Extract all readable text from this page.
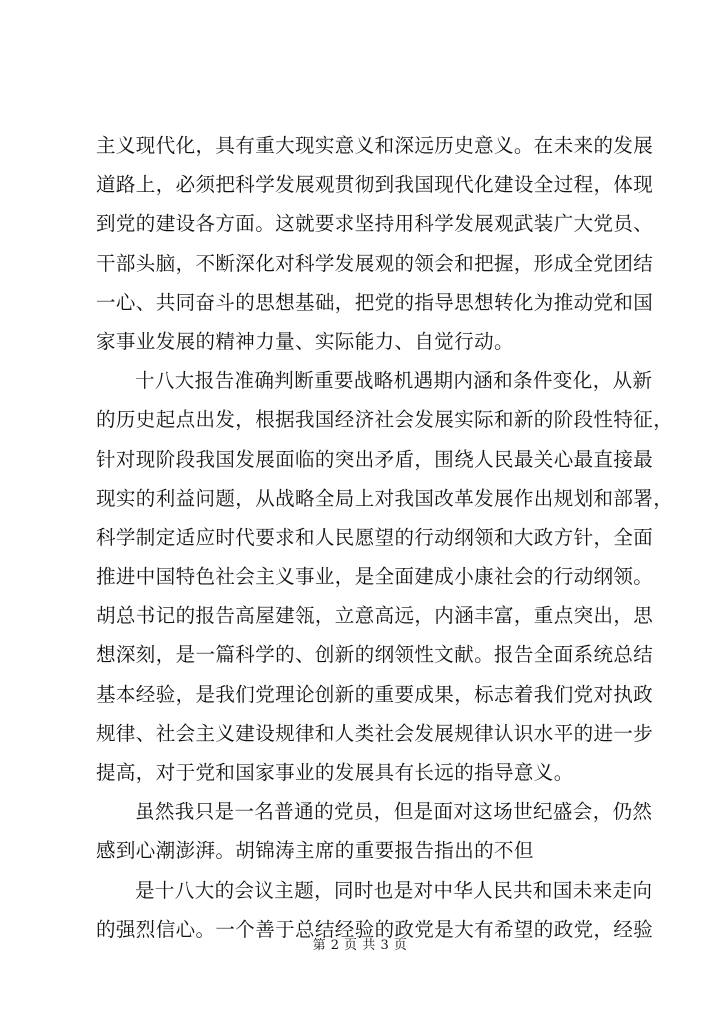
主义现代化，具有重大现实意义和深远历史意义。在未来的发展
道路上，必须把科学发展观贯彻到我国现代化建设全过程，体现
到党的建设各方面。这就要求坚持用科学发展观武装广大党员、
干部头脑，不断深化对科学发展观的领会和把握，形成全党团结
一心、共同奋斗的思想基础，把党的指导思想转化为推动党和国
家事业发展的精神力量、实际能力、自觉行动。
十八大报告准确判断重要战略机遇期内涵和条件变化，从新
的历史起点出发，根据我国经济社会发展实际和新的阶段性特征，
针对现阶段我国发展面临的突出矛盾，围绕人民最关心最直接最
现实的利益问题，从战略全局上对我国改革发展作出规划和部署，
科学制定适应时代要求和人民愿望的行动纲领和大政方针，全面
推进中国特色社会主义事业，是全面建成小康社会的行动纲领。
胡总书记的报告高屋建瓴，立意高远，内涵丰富，重点突出，思
想深刻，是一篇科学的、创新的纲领性文献。报告全面系统总结
基本经验，是我们党理论创新的重要成果，标志着我们党对执政
规律、社会主义建设规律和人类社会发展规律认识水平的进一步
提高，对于党和国家事业的发展具有长远的指导意义。
虽然我只是一名普通的党员，但是面对这场世纪盛会，仍然
感到心潮澎湃。胡锦涛主席的重要报告指出的不但
是十八大的会议主题，同时也是对中华人民共和国未来走向
的强烈信心。一个善于总结经验的政党是大有希望的政党，经验
第 2 页 共 3 页
